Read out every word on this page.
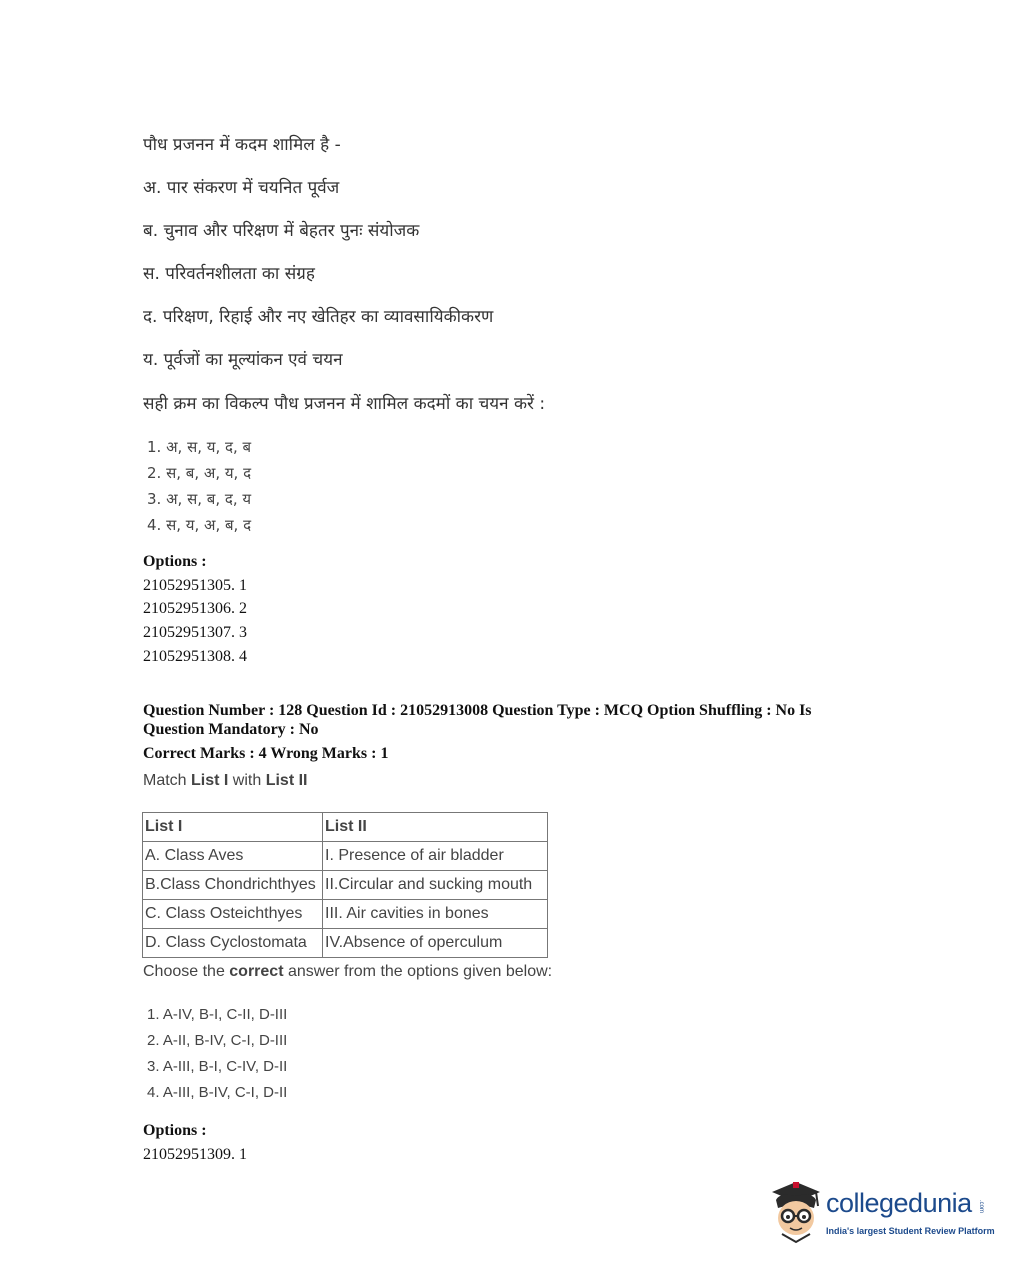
पौध प्रजनन में कदम शामिल है -
अ. पार संकरण में चयनित पूर्वज
ब. चुनाव और परिक्षण में बेहतर पुनः संयोजक
स. परिवर्तनशीलता का संग्रह
द. परिक्षण, रिहाई और नए खेतिहर का व्यावसायिकीकरण
य. पूर्वजों का मूल्यांकन एवं चयन
सही क्रम का विकल्प पौध प्रजनन में शामिल कदमों का चयन करें :
1. अ, स, य, द, ब
2. स, ब, अ, य, द
3. अ, स, ब, द, य
4. स, य, अ, ब, द
Options :
21052951305. 1
21052951306. 2
21052951307. 3
21052951308. 4
Question Number : 128 Question Id : 21052913008 Question Type : MCQ Option Shuffling : No Is
Question Mandatory : No
Correct Marks : 4 Wrong Marks : 1
Match List I with List II
List I	List II
A. Class Aves	I. Presence of air bladder
B.Class Chondrichthyes	II.Circular and sucking mouth
C. Class Osteichthyes	III. Air cavities in bones
D. Class Cyclostomata	IV.Absence of operculum
Choose the correct answer from the options given below:
1. A-IV, B-I, C-II, D-III
2. A-II, B-IV, C-I, D-III
3. A-III, B-I, C-IV, D-II
4. A-III, B-IV, C-I, D-II
Options :
21052951309. 1
collegedunia .com
India's largest Student Review Platform
